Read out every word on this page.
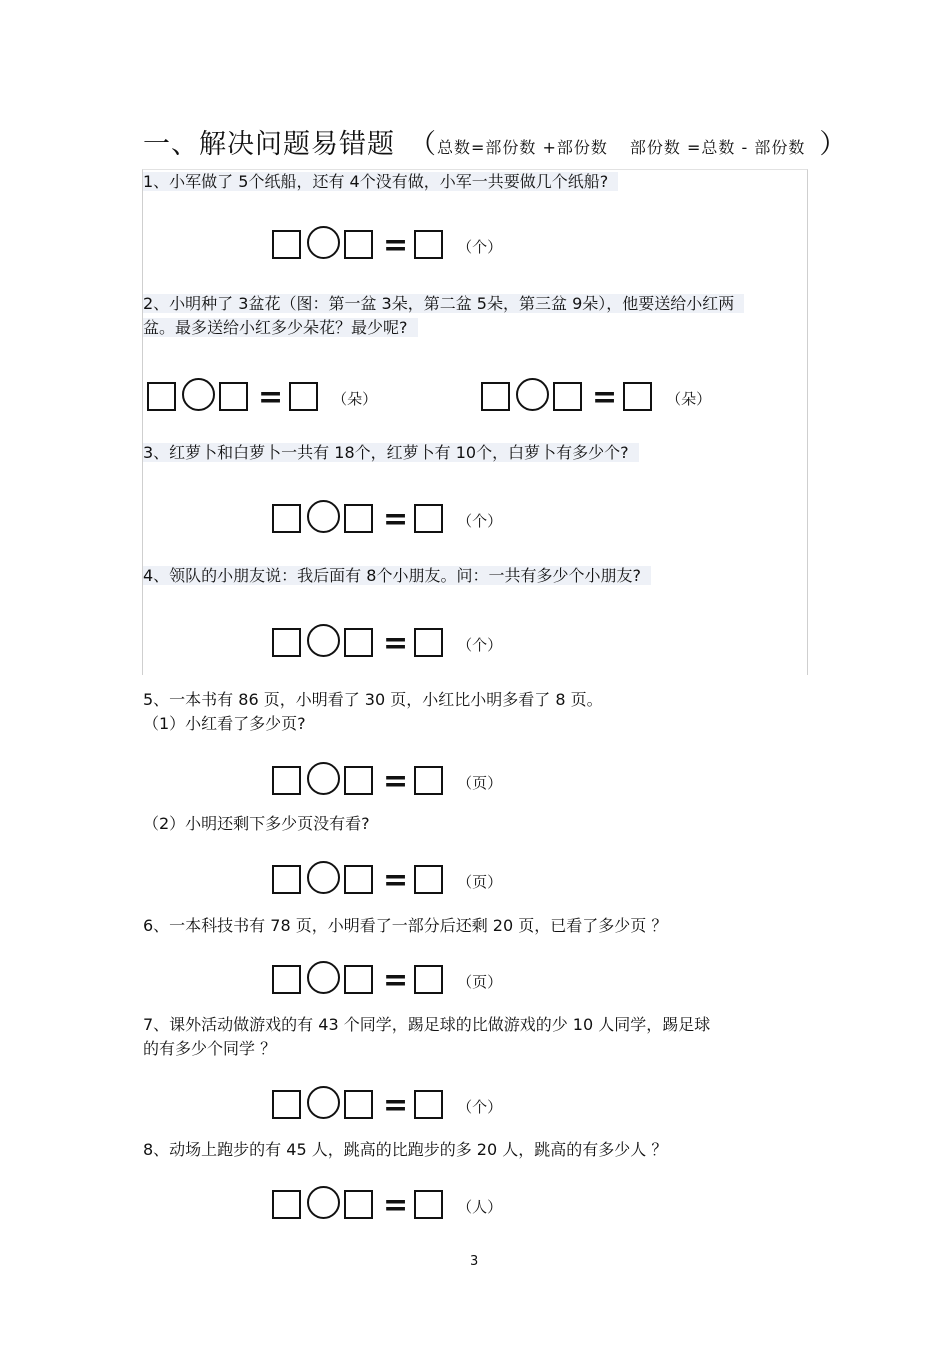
一、解决问题易错题 （总数=部份数 +部份数 部份数 =总数 - 部份数 ）
1、小军做了 5个纸船，还有 4个没有做，小军一共要做几个纸船?
=	（个）
2、小明种了 3盆花（图：第一盆 3朵，第二盆 5朵，第三盆 9朵），他要送给小红两
盆。最多送给小红多少朵花？最少呢?
=	（朵）	=	（朵）
3、红萝卜和白萝卜一共有 18个，红萝卜有 10个，白萝卜有多少个?
=	（个）
4、领队的小朋友说：我后面有 8个小朋友。问：一共有多少个小朋友?
=	（个）
5、一本书有 86 页，小明看了 30 页，小红比小明多看了 8 页。
（1）小红看了多少页?
=	（页）
（2）小明还剩下多少页没有看?
=	（页）
6、一本科技书有 78 页，小明看了一部分后还剩 20 页，已看了多少页 ？
=	（页）
7、课外活动做游戏的有 43 个同学，踢足球的比做游戏的少 10 人同学，踢足球
的有多少个同学 ？
=	（个）
8、动场上跑步的有 45 人，跳高的比跑步的多 20 人，跳高的有多少人 ？
=	（人）
3
